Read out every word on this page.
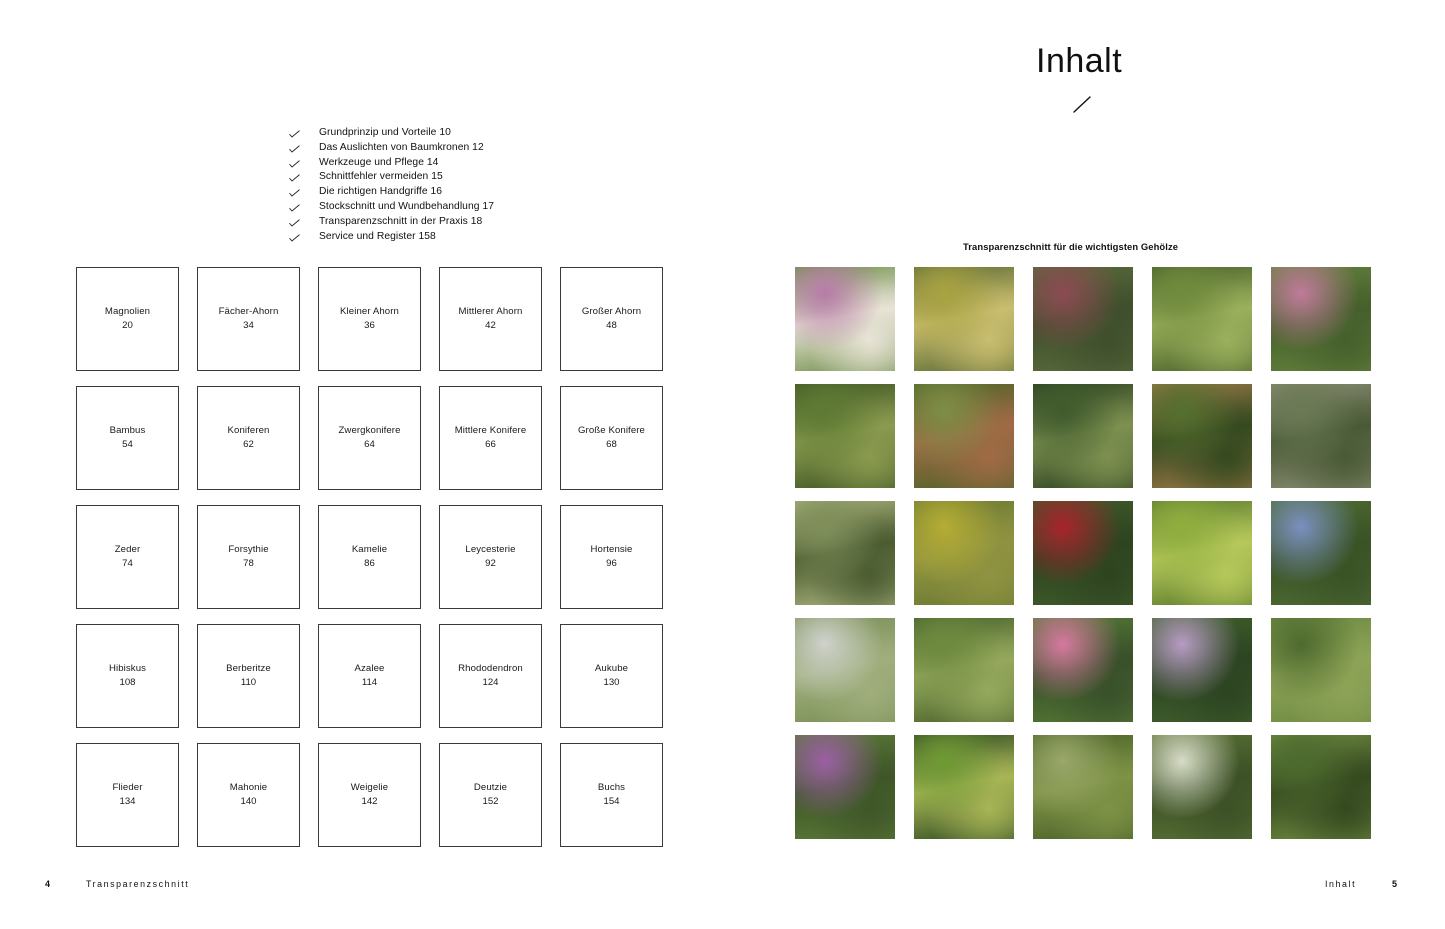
Inhalt
Grundprinzip und Vorteile 10
Das Auslichten von Baumkronen 12
Werkzeuge und Pflege 14
Schnittfehler vermeiden 15
Die richtigen Handgriffe 16
Stockschnitt und Wundbehandlung 17
Transparenzschnitt in der Praxis 18
Service und Register 158
Magnolien
20
Fächer-Ahorn
34
Kleiner Ahorn
36
Mittlerer Ahorn
42
Großer Ahorn
48
Bambus
54
Koniferen
62
Zwergkonifere
64
Mittlere Konifere
66
Große Konifere
68
Zeder
74
Forsythie
78
Kamelie
86
Leycesterie
92
Hortensie
96
Hibiskus
108
Berberitze
110
Azalee
114
Rhododendron
124
Aukube
130
Flieder
134
Mahonie
140
Weigelie
142
Deutzie
152
Buchs
154
Transparenzschnitt für die wichtigsten Gehölze
4	Transparenzschnitt	Inhalt	5
